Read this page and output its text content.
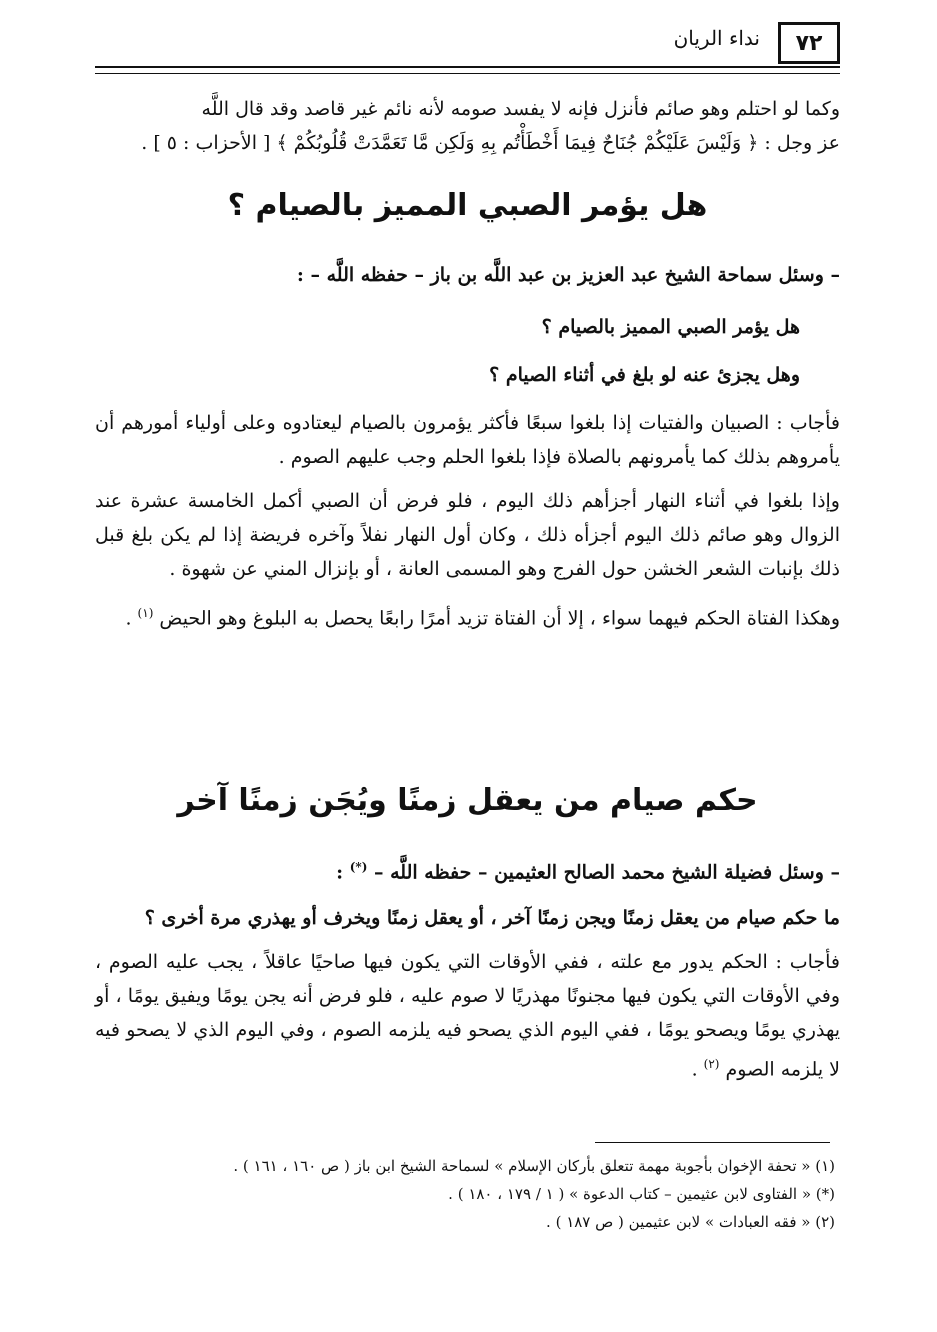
٧٢
نداء الريان

وكما لو احتلم وهو صائم فأنزل فإنه لا يفسد صومه لأنه نائم غير قاصد وقد قال اللَّه

عز وجل : ﴿ وَلَيْسَ عَلَيْكُمْ جُنَاحٌ فِيمَا أَخْطَأْتُم بِهِ وَلَكِن مَّا تَعَمَّدَتْ قُلُوبُكُمْ ﴾ [ الأحزاب : ٥ ] .

هل يؤمر الصبي المميز بالصيام ؟

– وسئل سماحة الشيخ عبد العزيز بن عبد اللَّه بن باز – حفظه اللَّه – :

هل يؤمر الصبي المميز بالصيام ؟

وهل يجزئ عنه لو بلغ في أثناء الصيام ؟

فأجاب : الصبيان والفتيات إذا بلغوا سبعًا فأكثر يؤمرون بالصيام ليعتادوه وعلى أولياء أمورهم أن يأمروهم بذلك كما يأمرونهم بالصلاة فإذا بلغوا الحلم وجب عليهم الصوم .

وإذا بلغوا في أثناء النهار أجزأهم ذلك اليوم ، فلو فرض أن الصبي أكمل الخامسة عشرة عند الزوال وهو صائم ذلك اليوم أجزأه ذلك ، وكان أول النهار نفلاً وآخره فريضة إذا لم يكن بلغ قبل ذلك بإنبات الشعر الخشن حول الفرج وهو المسمى العانة ، أو بإنزال المني عن شهوة .

وهكذا الفتاة الحكم فيهما سواء ، إلا أن الفتاة تزيد أمرًا رابعًا يحصل به البلوغ وهو الحيض $^{(١)}$ .

حكم صيام من يعقل زمنًا ويُجَن زمنًا آخر

– وسئل فضيلة الشيخ محمد الصالح العثيمين – حفظه اللَّه – (*) :

ما حكم صيام من يعقل زمنًا ويجن زمنًا آخر ، أو يعقل زمنًا ويخرف أو يهذري مرة أخرى ؟

فأجاب : الحكم يدور مع علته ، ففي الأوقات التي يكون فيها صاحيًا عاقلاً ، يجب عليه الصوم ، وفي الأوقات التي يكون فيها مجنونًا مهذريًا لا صوم عليه ، فلو فرض أنه يجن يومًا ويفيق يومًا ، أو يهذري يومًا ويصحو يومًا ، ففي اليوم الذي يصحو فيه يلزمه الصوم ، وفي اليوم الذي لا يصحو فيه لا يلزمه الصوم $^{(٢)}$ .

(١) « تحفة الإخوان بأجوبة مهمة تتعلق بأركان الإسلام » لسماحة الشيخ ابن باز ( ص ١٦٠ ، ١٦١ ) .
(*) « الفتاوى لابن عثيمين – كتاب الدعوة » ( ١ / ١٧٩ ، ١٨٠ ) .
(٢) « فقه العبادات » لابن عثيمين ( ص ١٨٧ ) .
